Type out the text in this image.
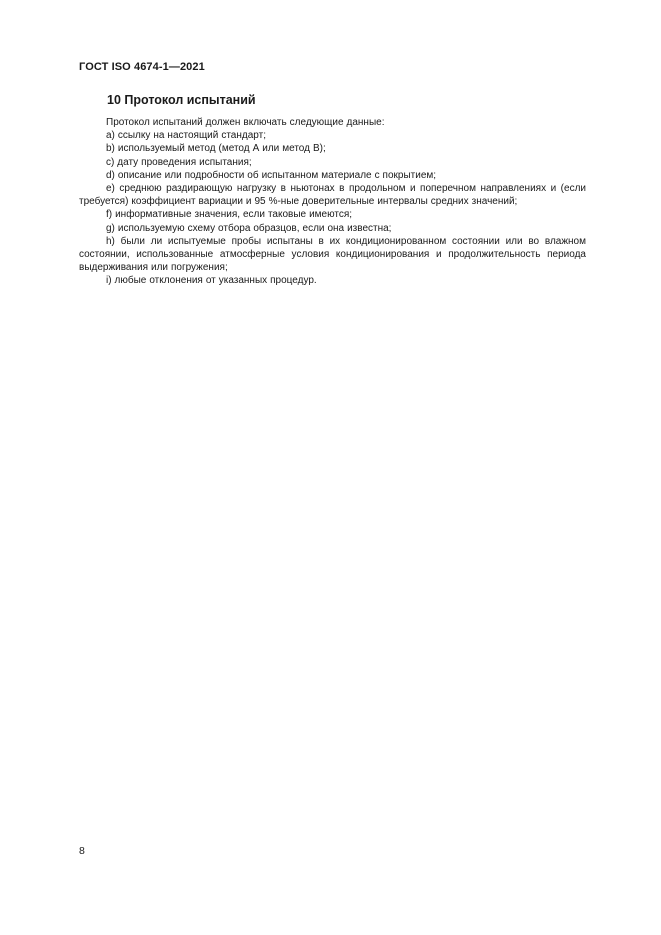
ГОСТ ISO 4674-1—2021
10 Протокол испытаний

Протокол испытаний должен включать следующие данные:

a) ссылку на настоящий стандарт;

b) используемый метод (метод А или метод В);

c) дату проведения испытания;

d) описание или подробности об испытанном материале с покрытием;

e) среднюю раздирающую нагрузку в ньютонах в продольном и поперечном направлениях и (если требуется) коэффициент вариации и 95 %-ные доверительные интервалы средних значений;

f) информативные значения, если таковые имеются;

g) используемую схему отбора образцов, если она известна;

h) были ли испытуемые пробы испытаны в их кондиционированном состоянии или во влажном состоянии, использованные атмосферные условия кондиционирования и продолжительность периода выдерживания или погружения;

i) любые отклонения от указанных процедур.

8
